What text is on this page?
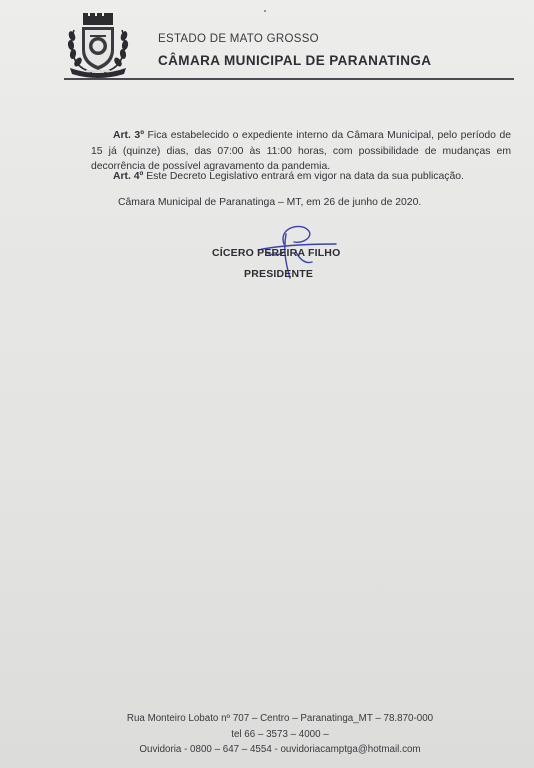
ESTADO DE MATO GROSSO
CÂMARA MUNICIPAL DE PARANATINGA
Art. 3º Fica estabelecido o expediente interno da Câmara Municipal, pelo período de 15 já (quinze) dias, das 07:00 às 11:00 horas, com possibilidade de mudanças em decorrência de possível agravamento da pandemia.
Art. 4º Este Decreto Legislativo entrará em vigor na data da sua publicação.
Câmara Municipal de Paranatinga – MT, em 26 de junho de 2020.
CÍCERO PEREIRA FILHO
PRESIDENTE
Rua Monteiro Lobato nº 707 – Centro – Paranatinga_MT – 78.870-000
tel 66 – 3573 – 4000 –
Ouvidoria - 0800 – 647 – 4554 - ouvidoriacamptga@hotmail.com
